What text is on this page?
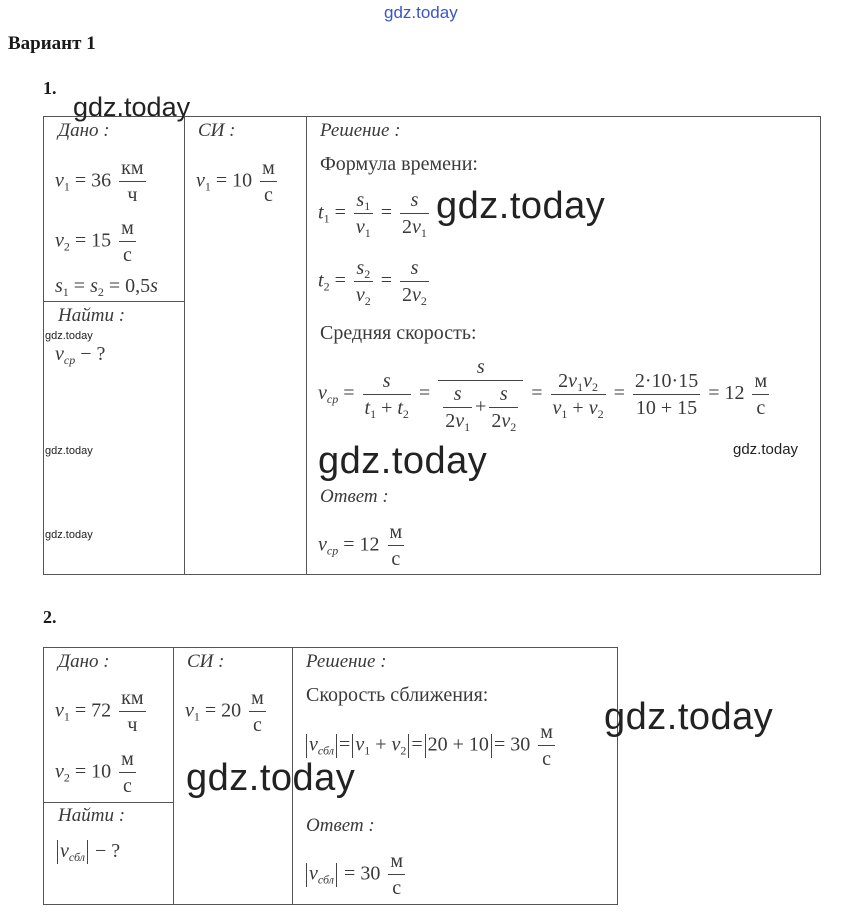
gdz.today
Вариант 1
1.
Дано :
$v_1 = 36 \frac{км}{ч}$
$v_2 = 15 \frac{м}{с}$
$s_1 = s_2 = 0,5s$
Найти :
$v_{ср}$ − ?
СИ :
$v_1 = 10 \frac{м}{с}$
Решение :
Формула времени:
$t_1 = \frac{s_1}{v_1} = \frac{s}{2v_1}$
$t_2 = \frac{s_2}{v_2} = \frac{s}{2v_2}$
Средняя скорость:
$v_{ср} = \frac{s}{t_1 + t_2} = \frac{s}{\frac{s}{2v_1} + \frac{s}{2v_2}} = \frac{2v_1v_2}{v_1 + v_2} = \frac{2\cdot 10\cdot 15}{10 + 15} = 12 \frac{м}{с}$
Ответ :
$v_{ср} = 12 \frac{м}{с}$
gdz.today
gdz.today
gdz.today
gdz.today	gdz.today
gdz.today
gdz.today
2.
Дано :
$v_1 = 72 \frac{км}{ч}$
$v_2 = 10 \frac{м}{с}$
Найти :
$v_{сбл}$ − ?
СИ :
$v_1 = 20 \frac{м}{с}$
Решение :
Скорость сближения:
$v_{сбл} = v_1 + v_2 = 20 + 10 = 30 \frac{м}{с}$
Ответ :
$v_{сбл} = 30 \frac{м}{с}$
gdz.today
gdz.today
